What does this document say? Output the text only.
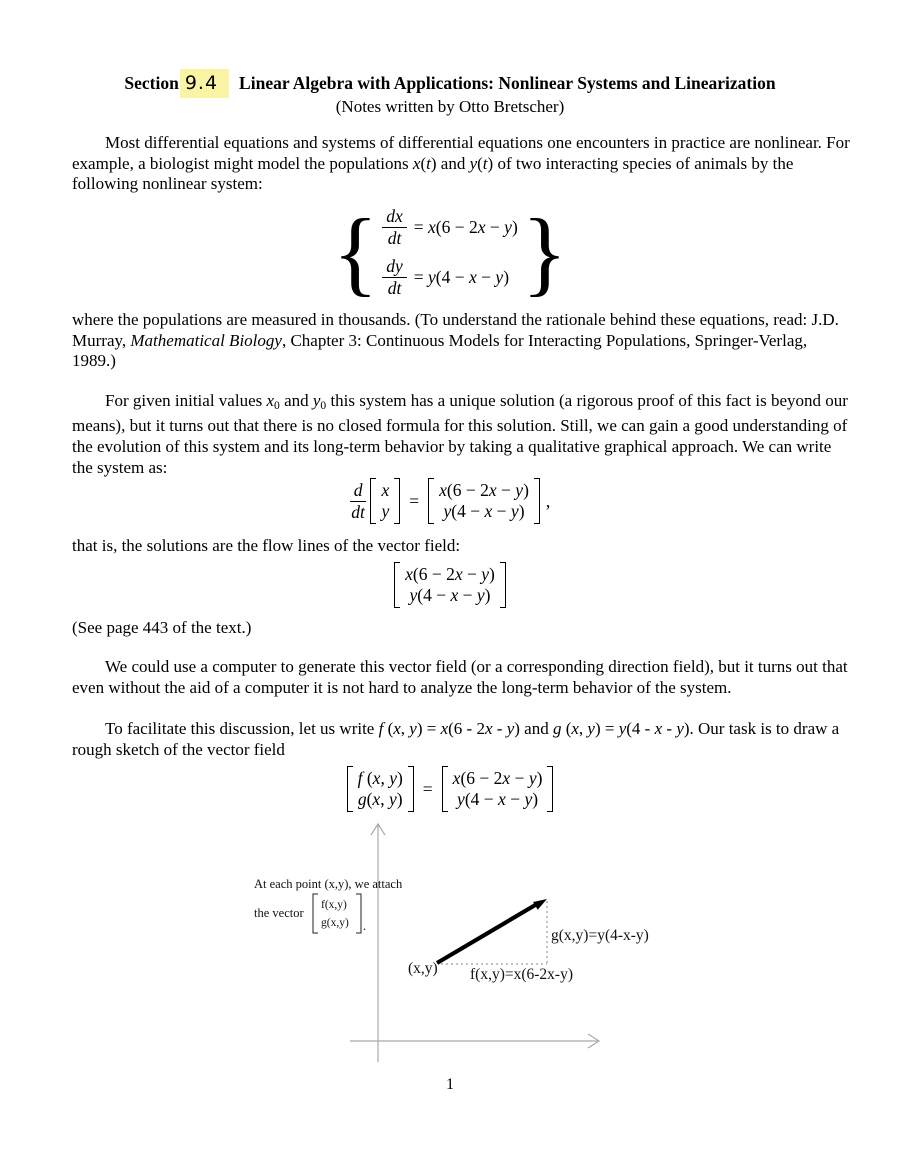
Section 9.4 Linear Algebra with Applications: Nonlinear Systems and Linearization
(Notes written by Otto Bretscher)

Most differential equations and systems of differential equations one encounters in practice are nonlinear. For example, a biologist might model the populations x(t) and y(t) of two interacting species of animals by the following nonlinear system:

{ $\frac{dx}{dt} = x(6 - 2x - y)$
$\frac{dy}{dt} = y(4 - x - y)$ }

where the populations are measured in thousands. (To understand the rationale behind these equations, read: J.D. Murray, Mathematical Biology, Chapter 3: Continuous Models for Interacting Populations, Springer-Verlag, 1989.)

For given initial values x0 and y0 this system has a unique solution (a rigorous proof of this fact is beyond our means), but it turns out that there is no closed formula for this solution. Still, we can gain a good understanding of the evolution of this system and its long-term behavior by taking a qualitative graphical approach. We can write the system as:

$\frac{d}{dt}$ x
y
=
x(6 − 2x − y)
y(4 − x − y)
,

that is, the solutions are the flow lines of the vector field:

x(6 − 2x − y)
y(4 − x − y)

(See page 443 of the text.)

We could use a computer to generate this vector field (or a corresponding direction field), but it turns out that even without the aid of a computer it is not hard to analyze the long-term behavior of the system.

To facilitate this discussion, let us write f (x, y) = x(6 - 2x - y) and g (x, y) = y(4 - x - y). Our task is to draw a rough sketch of the vector field

f (x, y)
g(x, y)
=
x(6 − 2x − y)
y(4 − x − y)
At each point (x,y), we attach
the vector
f(x,y)
g(x,y) .
(x,y) f(x,y)=x(6-2x-y)
g(x,y)=y(4-x-y)
1
